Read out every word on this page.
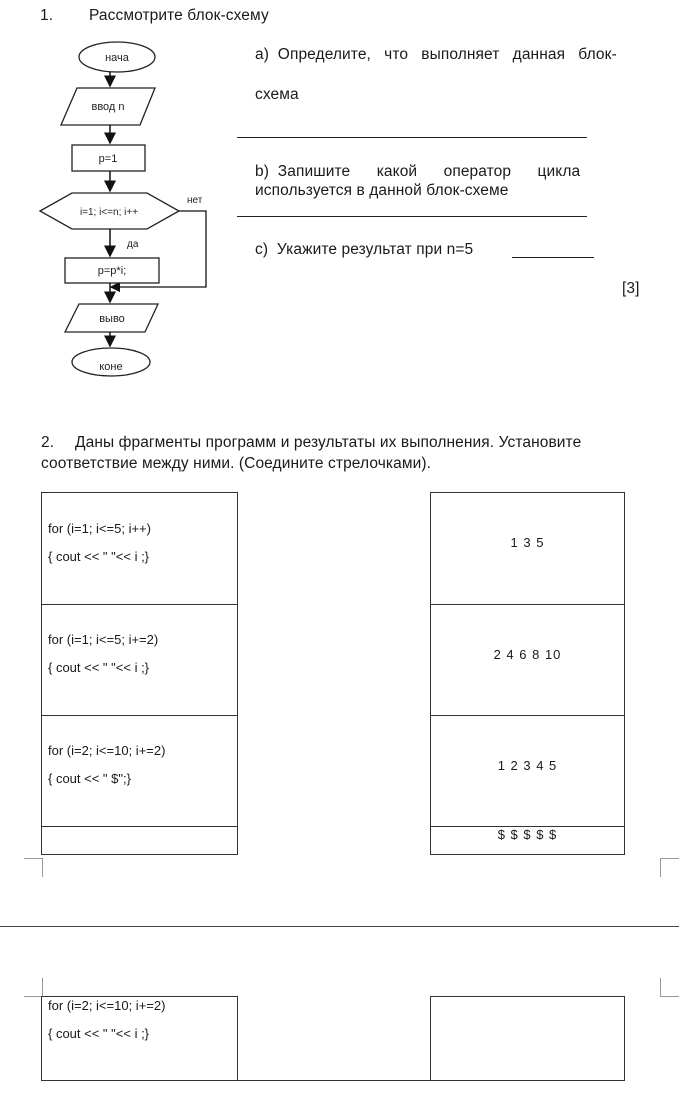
1. Рассмотрите блок-схему
нача
ввод n
p=1
i=1; i<=n; i++
нет
да
p=p*i;
выво
коне
а)  Определите,   что   выполняет   данная   блок-
схема
b)  Запишите      какой      оператор      цикла
используется в данной блок-схеме
с)  Укажите результат при n=5
[3]
2. Даны фрагменты программ и результаты их выполнения. Установите
соответствие между ними. (Соедините стрелочками).
for (i=1; i<=5; i++)
{ cout << " "<< i ;}
for (i=1; i<=5; i+=2)
{ cout << " "<< i ;}
for (i=2; i<=10; i+=2)
{ cout << " $";}
1 3 5
2 4 6 8 10
1 2 3 4 5
$ $ $ $ $
for (i=2; i<=10; i+=2)
{ cout << " "<< i ;}
